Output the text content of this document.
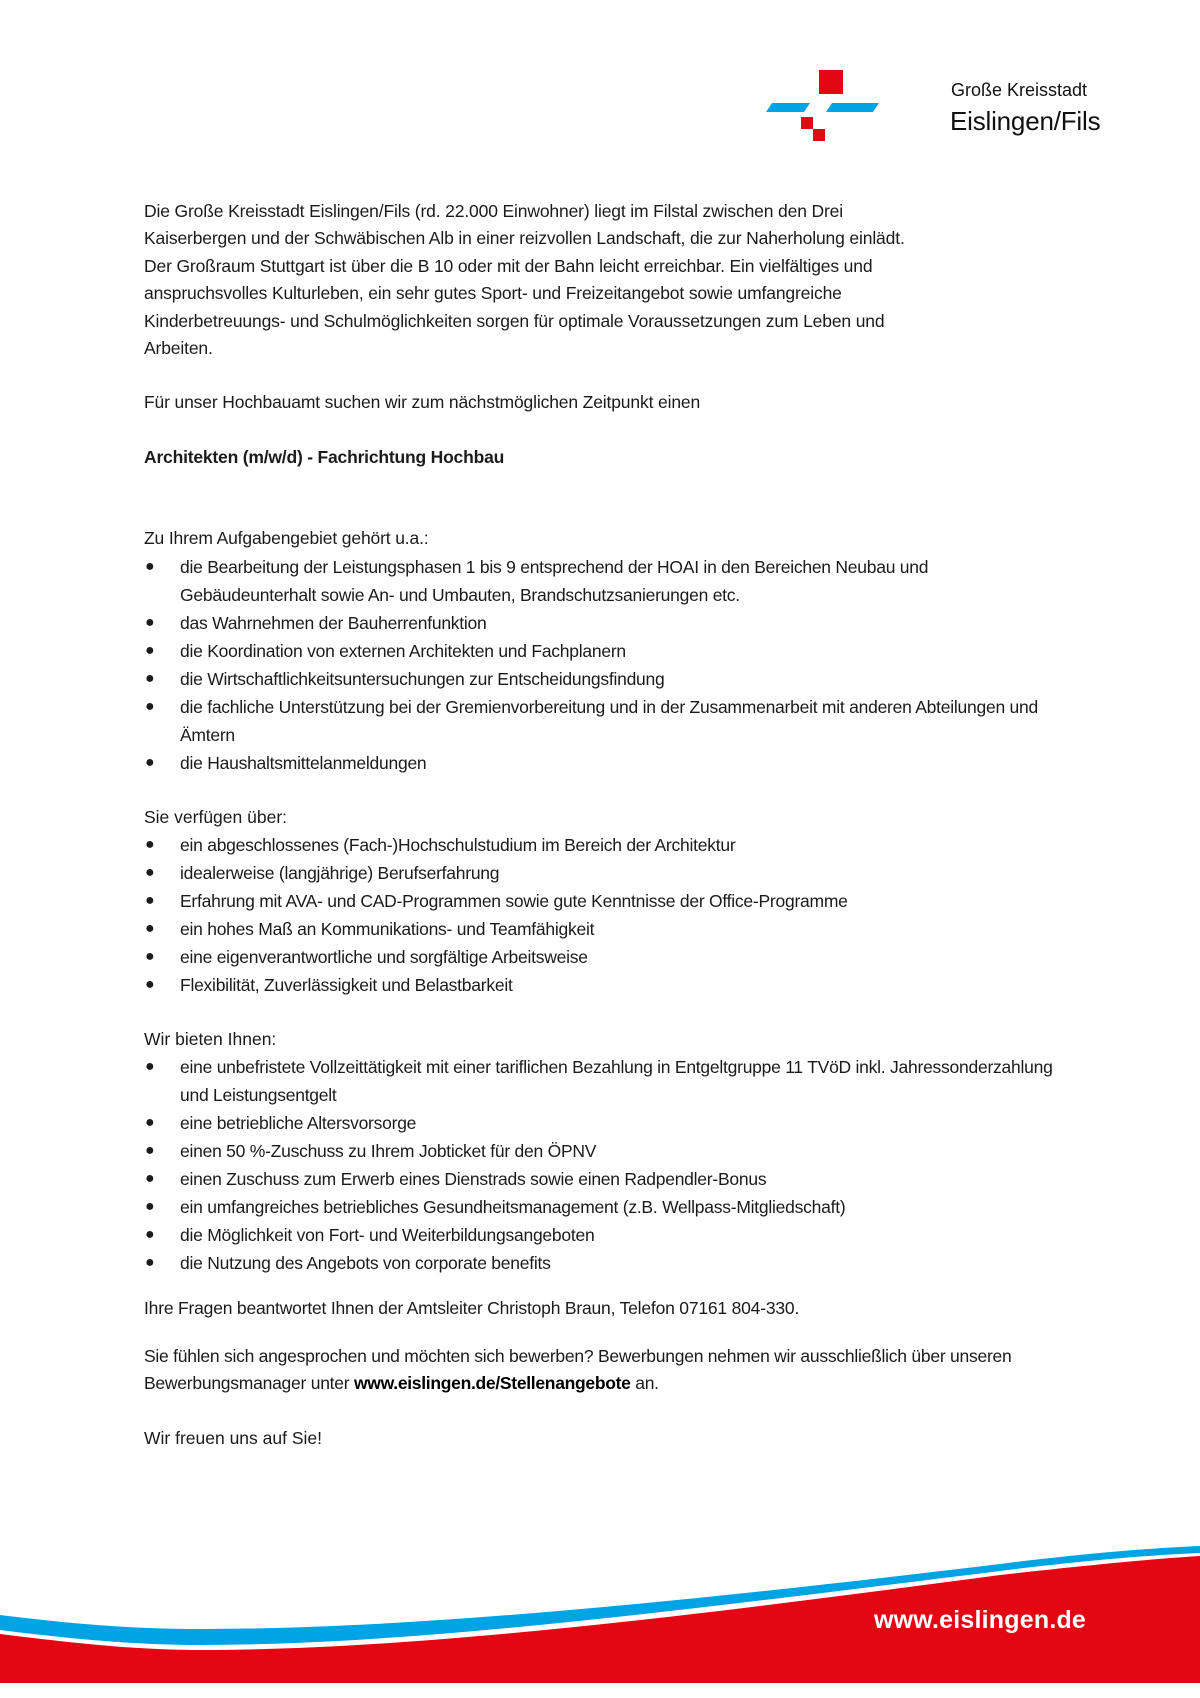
Große Kreisstadt
Eislingen/Fils
Die Große Kreisstadt Eislingen/Fils (rd. 22.000 Einwohner) liegt im Filstal zwischen den Drei
Kaiserbergen und der Schwäbischen Alb in einer reizvollen Landschaft, die zur Naherholung einlädt.
Der Großraum Stuttgart ist über die B 10 oder mit der Bahn leicht erreichbar. Ein vielfältiges und
anspruchsvolles Kulturleben, ein sehr gutes Sport- und Freizeitangebot sowie umfangreiche
Kinderbetreuungs- und Schulmöglichkeiten sorgen für optimale Voraussetzungen zum Leben und
Arbeiten.

Für unser Hochbauamt suchen wir zum nächstmöglichen Zeitpunkt einen

Architekten (m/w/d) - Fachrichtung Hochbau

Zu Ihrem Aufgabengebiet gehört u.a.:

● die Bearbeitung der Leistungsphasen 1 bis 9 entsprechend der HOAI in den Bereichen Neubau und Gebäudeunterhalt sowie An- und Umbauten, Brandschutzsanierungen etc.
● das Wahrnehmen der Bauherrenfunktion
● die Koordination von externen Architekten und Fachplanern
● die Wirtschaftlichkeitsuntersuchungen zur Entscheidungsfindung
● die fachliche Unterstützung bei der Gremienvorbereitung und in der Zusammenarbeit mit anderen Abteilungen und Ämtern
● die Haushaltsmittelanmeldungen

Sie verfügen über:

● ein abgeschlossenes (Fach-)Hochschulstudium im Bereich der Architektur
● idealerweise (langjährige) Berufserfahrung
● Erfahrung mit AVA- und CAD-Programmen sowie gute Kenntnisse der Office-Programme
● ein hohes Maß an Kommunikations- und Teamfähigkeit
● eine eigenverantwortliche und sorgfältige Arbeitsweise
● Flexibilität, Zuverlässigkeit und Belastbarkeit

Wir bieten Ihnen:

● eine unbefristete Vollzeittätigkeit mit einer tariflichen Bezahlung in Entgeltgruppe 11 TVöD inkl. Jahressonderzahlung und Leistungsentgelt
● eine betriebliche Altersvorsorge
● einen 50 %-Zuschuss zu Ihrem Jobticket für den ÖPNV
● einen Zuschuss zum Erwerb eines Dienstrads sowie einen Radpendler-Bonus
● ein umfangreiches betriebliches Gesundheitsmanagement (z.B. Wellpass-Mitgliedschaft)
● die Möglichkeit von Fort- und Weiterbildungsangeboten
● die Nutzung des Angebots von corporate benefits

Ihre Fragen beantwortet Ihnen der Amtsleiter Christoph Braun, Telefon 07161 804-330.

Sie fühlen sich angesprochen und möchten sich bewerben? Bewerbungen nehmen wir ausschließlich über unseren Bewerbungsmanager unter www.eislingen.de/Stellenangebote an.

Wir freuen uns auf Sie!

www.eislingen.de
